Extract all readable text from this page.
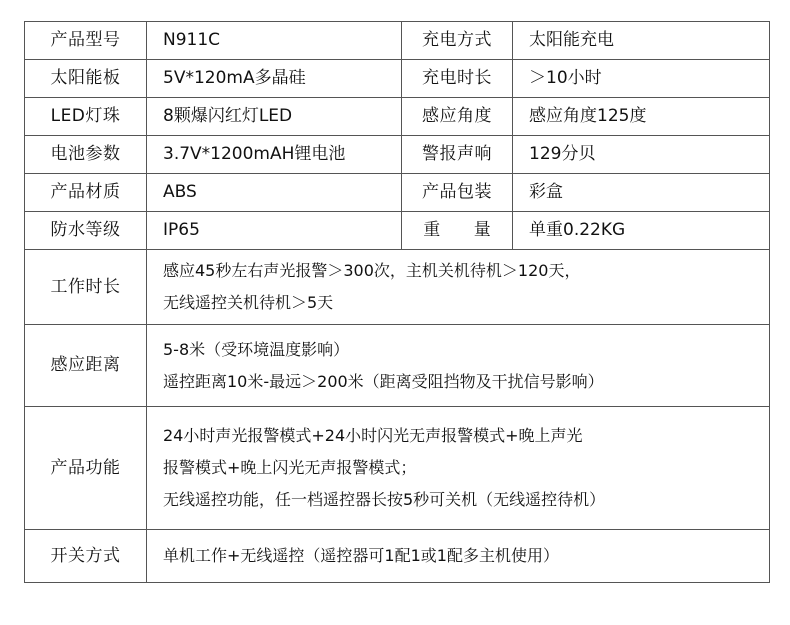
产品型号	N911C	充电方式	太阳能充电
太阳能板	5V*120mA多晶硅	充电时长	＞10小时
LED灯珠	8颗爆闪红灯LED	感应角度	感应角度125度
电池参数	3.7V*1200mAH锂电池	警报声响	129分贝
产品材质	ABS	产品包装	彩盒
防水等级	IP65	重 量	单重0.22KG
工作时长	感应45秒左右声光报警＞300次，主机关机待机＞120天，
无线遥控关机待机＞5天		

感应距离	5-8米（受环境温度影响）
遥控距离10米-最远＞200米（距离受阻挡物及干扰信号影响）		

产品功能	24小时声光报警模式+24小时闪光无声报警模式+晚上声光
报警模式+晚上闪光无声报警模式；
无线遥控功能，任一档遥控器长按5秒可关机（无线遥控待机）		

开关方式	单机工作+无线遥控（遥控器可1配1或1配多主机使用）		
